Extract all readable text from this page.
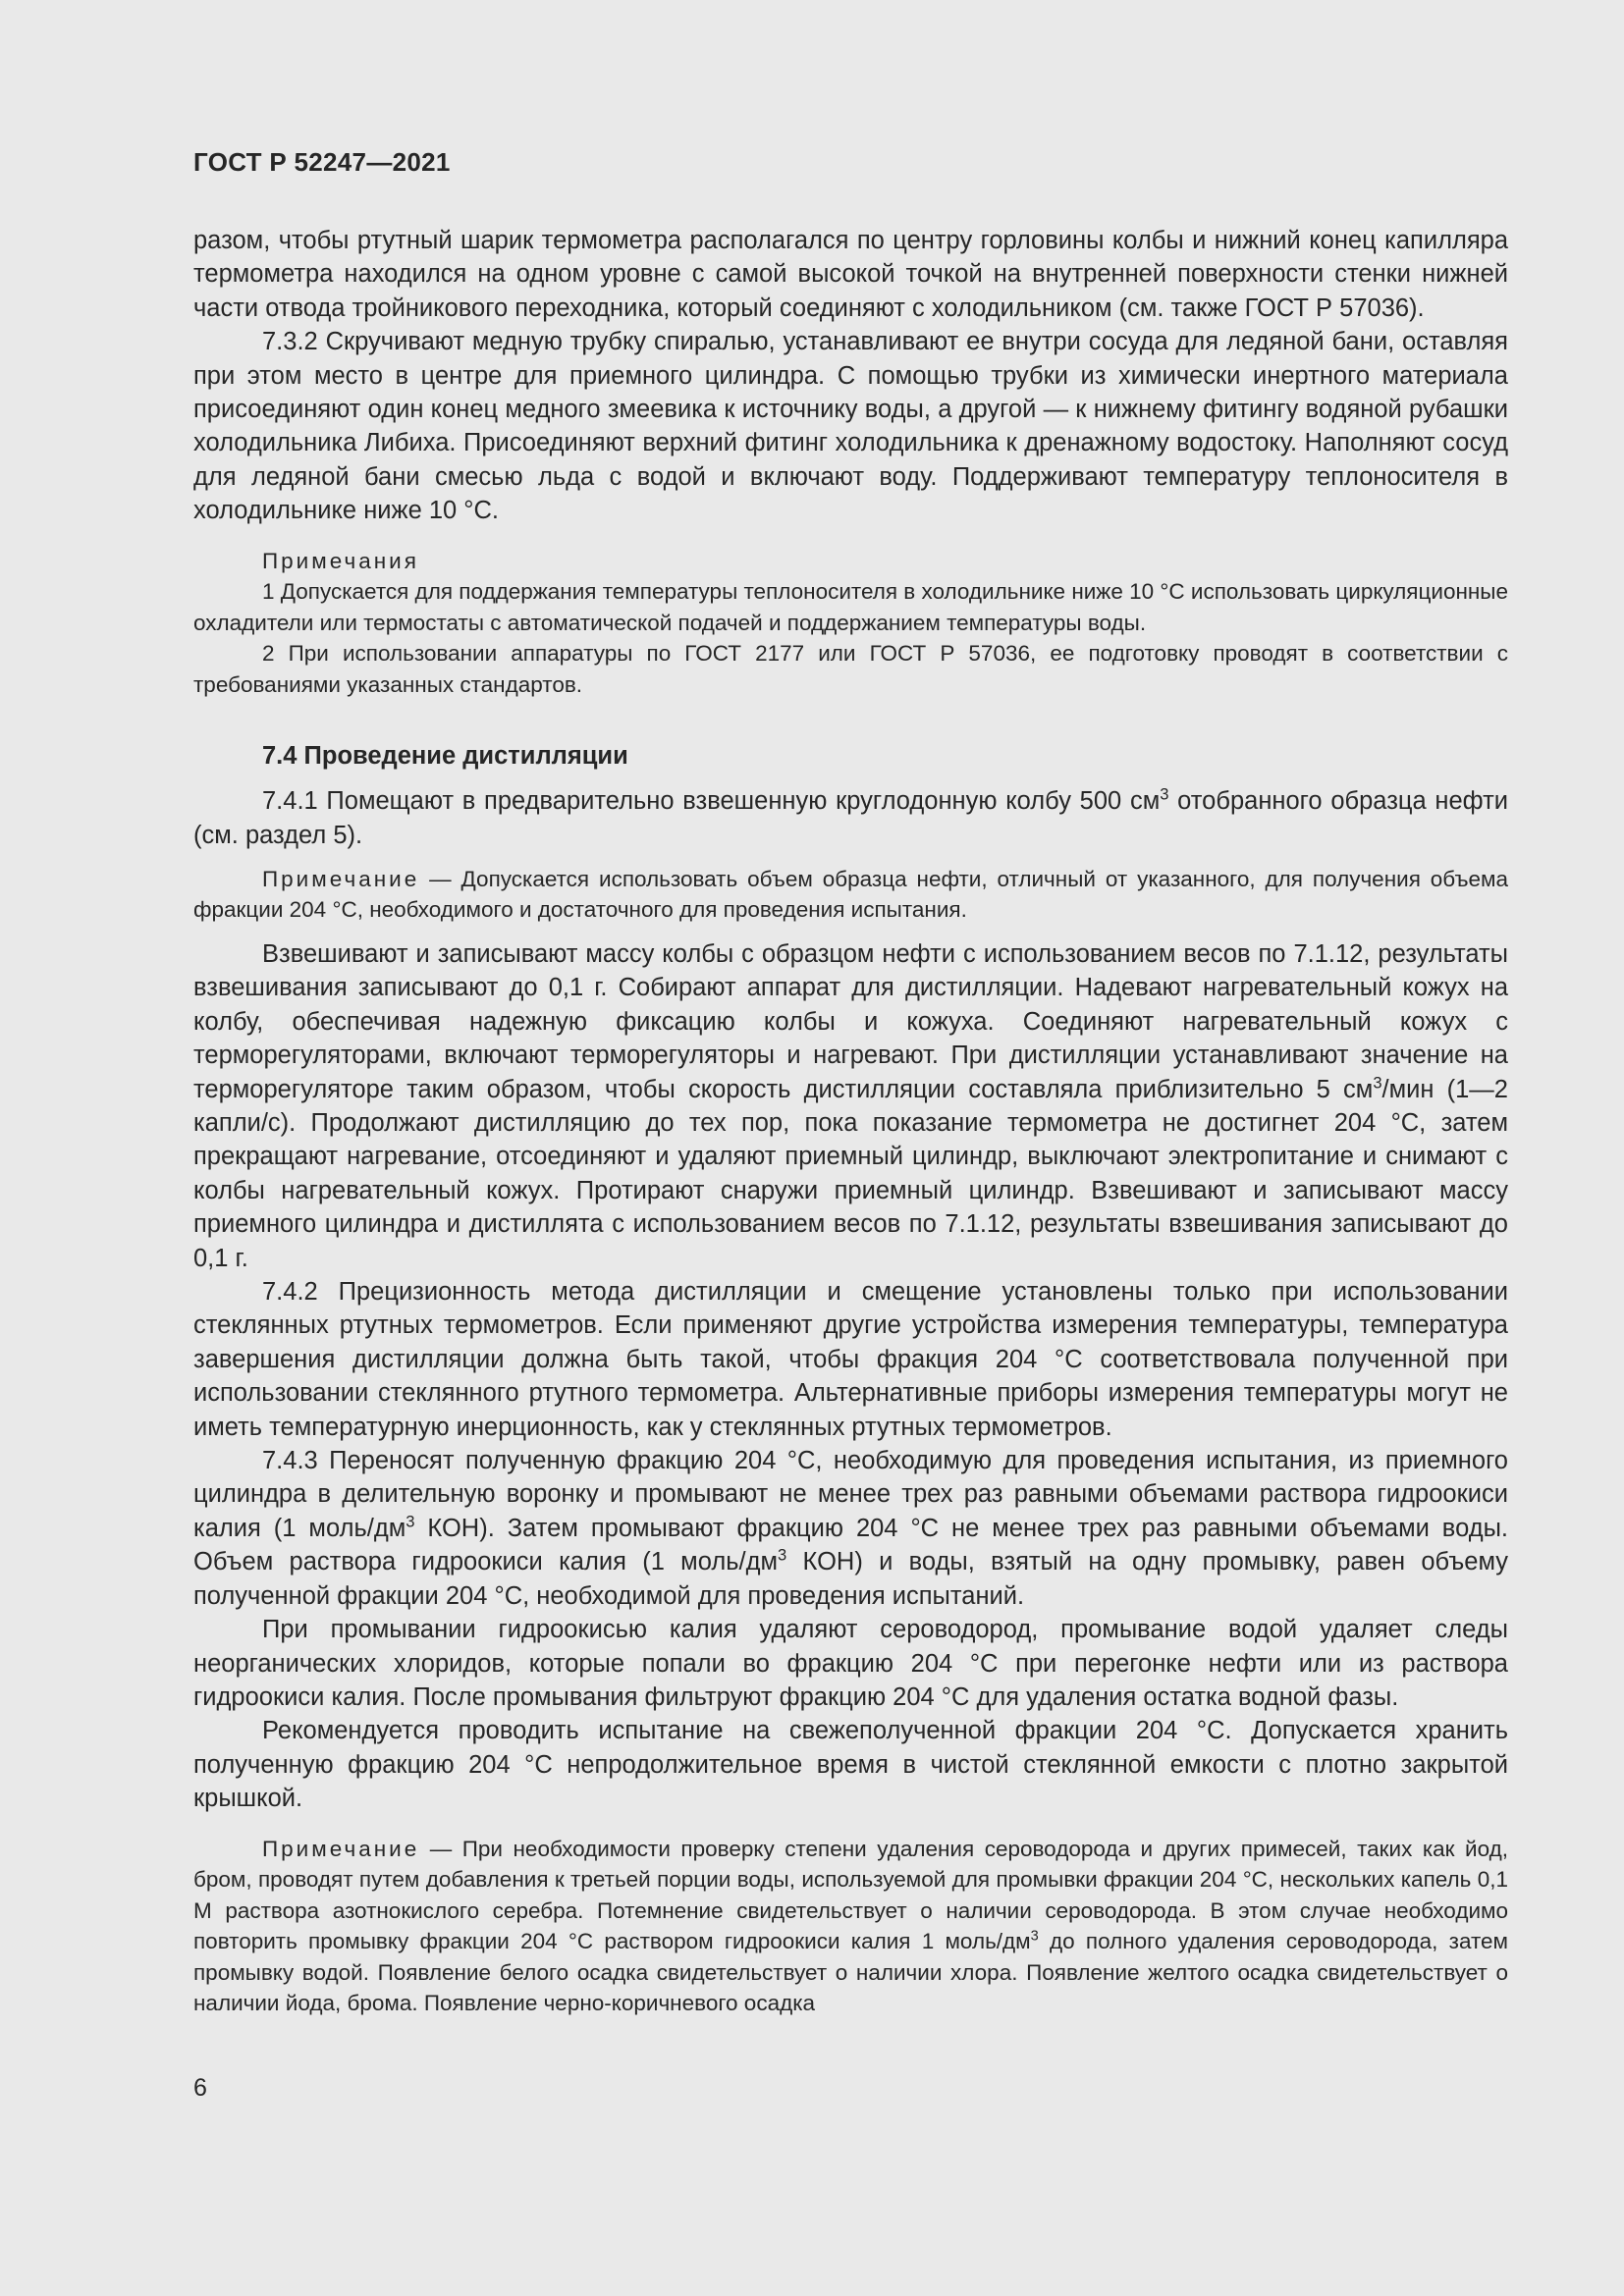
ГОСТ Р 52247—2021

разом, чтобы ртутный шарик термометра располагался по центру горловины колбы и нижний конец капилляра термометра находился на одном уровне с самой высокой точкой на внутренней поверхности стенки нижней части отвода тройникового переходника, который соединяют с холодильником (см. также ГОСТ Р 57036).

7.3.2 Скручивают медную трубку спиралью, устанавливают ее внутри сосуда для ледяной бани, оставляя при этом место в центре для приемного цилиндра. С помощью трубки из химически инертного материала присоединяют один конец медного змеевика к источнику воды, а другой — к нижнему фитингу водяной рубашки холодильника Либиха. Присоединяют верхний фитинг холодильника к дренажному водостоку. Наполняют сосуд для ледяной бани смесью льда с водой и включают воду. Поддерживают температуру теплоносителя в холодильнике ниже 10 °С.

Примечания

1 Допускается для поддержания температуры теплоносителя в холодильнике ниже 10 °С использовать циркуляционные охладители или термостаты с автоматической подачей и поддержанием температуры воды.

2 При использовании аппаратуры по ГОСТ 2177 или ГОСТ Р 57036, ее подготовку проводят в соответствии с требованиями указанных стандартов.

7.4 Проведение дистилляции

7.4.1 Помещают в предварительно взвешенную круглодонную колбу 500 $см^3$ отобранного образца нефти (см. раздел 5).

Примечание — Допускается использовать объем образца нефти, отличный от указанного, для получения объема фракции 204 °С, необходимого и достаточного для проведения испытания.

Взвешивают и записывают массу колбы с образцом нефти с использованием весов по 7.1.12, результаты взвешивания записывают до 0,1 г. Собирают аппарат для дистилляции. Надевают нагревательный кожух на колбу, обеспечивая надежную фиксацию колбы и кожуха. Соединяют нагревательный кожух с терморегуляторами, включают терморегуляторы и нагревают. При дистилляции устанавливают значение на терморегуляторе таким образом, чтобы скорость дистилляции составляла приблизительно 5 $см^3$/мин (1—2 капли/с). Продолжают дистилляцию до тех пор, пока показание термометра не достигнет 204 °С, затем прекращают нагревание, отсоединяют и удаляют приемный цилиндр, выключают электропитание и снимают с колбы нагревательный кожух. Протирают снаружи приемный цилиндр. Взвешивают и записывают массу приемного цилиндра и дистиллята с использованием весов по 7.1.12, результаты взвешивания записывают до 0,1 г.

7.4.2 Прецизионность метода дистилляции и смещение установлены только при использовании стеклянных ртутных термометров. Если применяют другие устройства измерения температуры, температура завершения дистилляции должна быть такой, чтобы фракция 204 °С соответствовала полученной при использовании стеклянного ртутного термометра. Альтернативные приборы измерения температуры могут не иметь температурную инерционность, как у стеклянных ртутных термометров.

7.4.3 Переносят полученную фракцию 204 °С, необходимую для проведения испытания, из приемного цилиндра в делительную воронку и промывают не менее трех раз равными объемами раствора гидроокиси калия (1 моль/$дм^3$ КОН). Затем промывают фракцию 204 °С не менее трех раз равными объемами воды. Объем раствора гидроокиси калия (1 моль/$дм^3$ КОН) и воды, взятый на одну промывку, равен объему полученной фракции 204 °С, необходимой для проведения испытаний.

При промывании гидроокисью калия удаляют сероводород, промывание водой удаляет следы неорганических хлоридов, которые попали во фракцию 204 °С при перегонке нефти или из раствора гидроокиси калия. После промывания фильтруют фракцию 204 °С для удаления остатка водной фазы.

Рекомендуется проводить испытание на свежеполученной фракции 204 °С. Допускается хранить полученную фракцию 204 °С непродолжительное время в чистой стеклянной емкости с плотно закрытой крышкой.

Примечание — При необходимости проверку степени удаления сероводорода и других примесей, таких как йод, бром, проводят путем добавления к третьей порции воды, используемой для промывки фракции 204 °С, нескольких капель 0,1 М раствора азотнокислого серебра. Потемнение свидетельствует о наличии сероводорода. В этом случае необходимо повторить промывку фракции 204 °С раствором гидроокиси калия 1 моль/$дм^3$ до полного удаления сероводорода, затем промывку водой. Появление белого осадка свидетельствует о наличии хлора. Появление желтого осадка свидетельствует о наличии йода, брома. Появление черно-коричневого осадка

6
